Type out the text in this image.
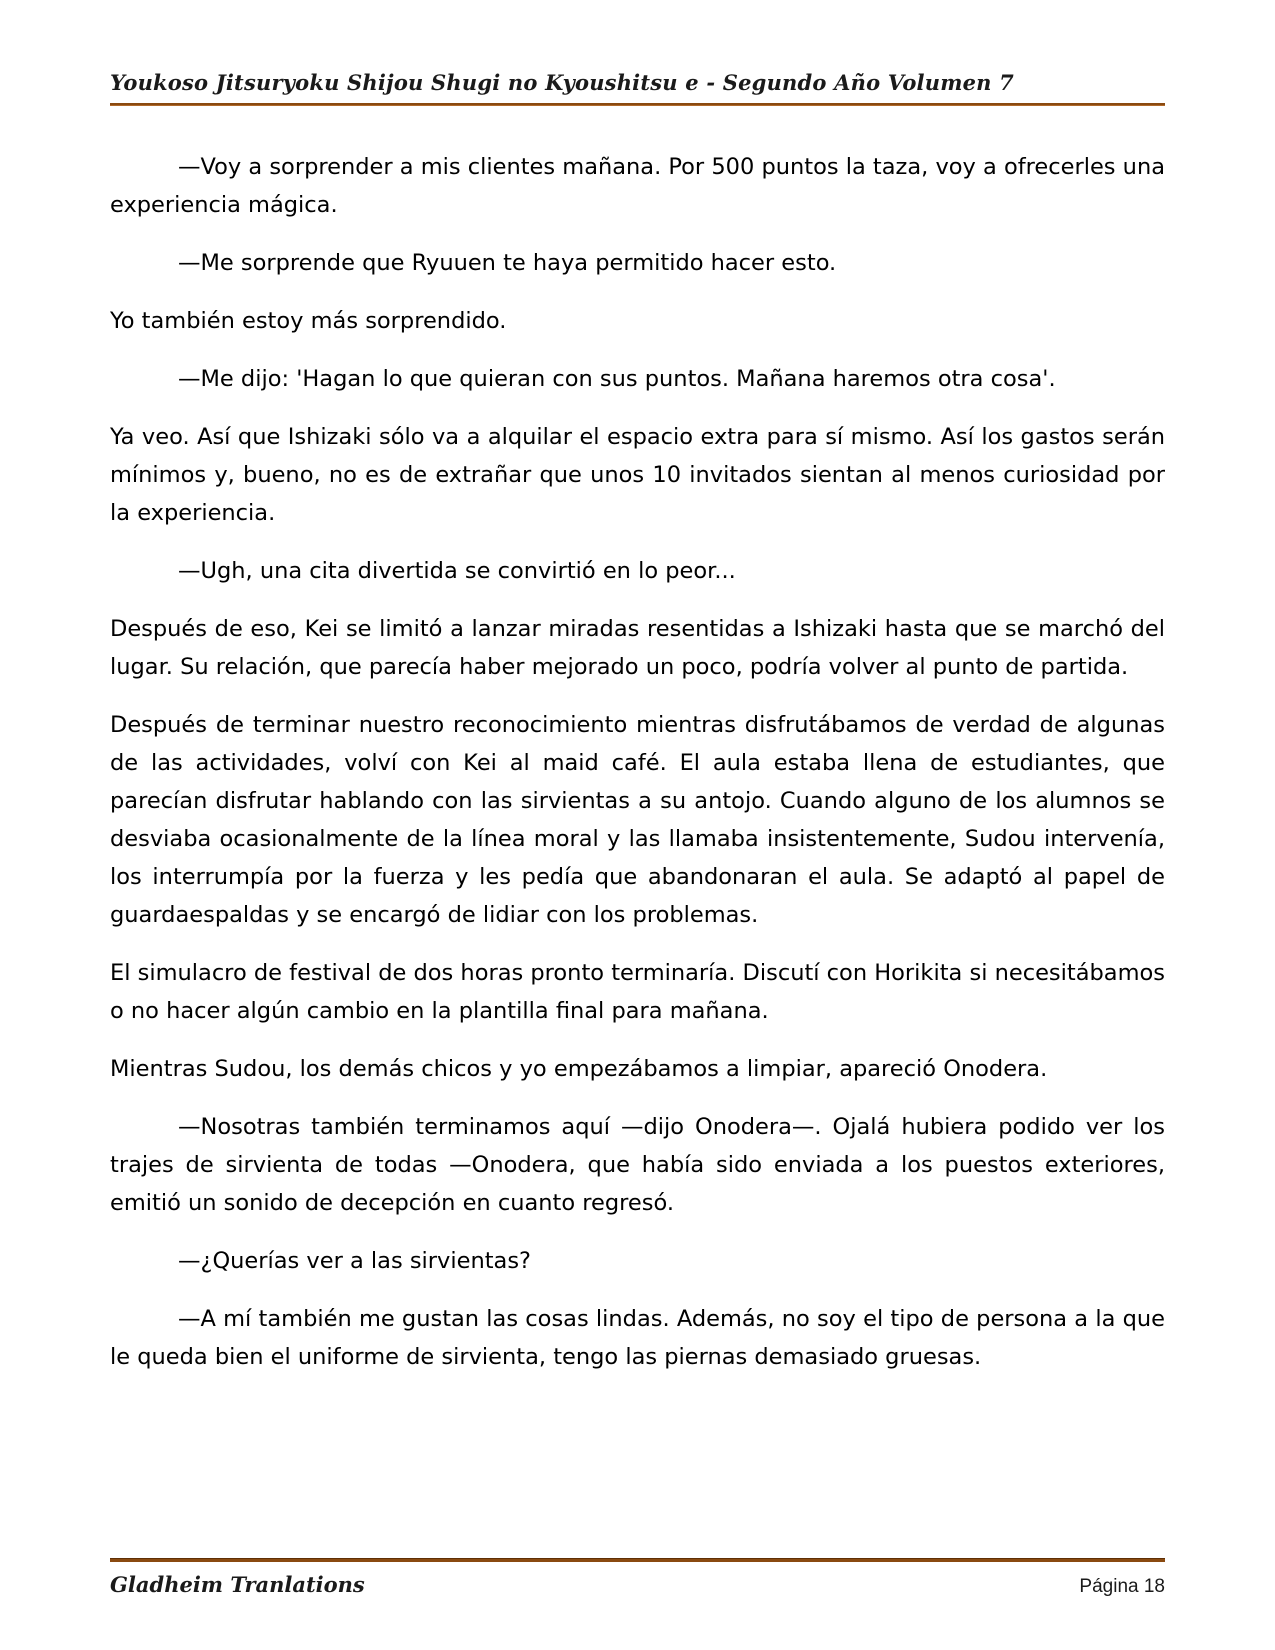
Youkoso Jitsuryoku Shijou Shugi no Kyoushitsu e - Segundo Año Volumen 7

—Voy a sorprender a mis clientes mañana. Por 500 puntos la taza, voy a ofrecerles una experiencia mágica.

—Me sorprende que Ryuuen te haya permitido hacer esto.

Yo también estoy más sorprendido.

—Me dijo: 'Hagan lo que quieran con sus puntos. Mañana haremos otra cosa'.

Ya veo. Así que Ishizaki sólo va a alquilar el espacio extra para sí mismo. Así los gastos serán mínimos y, bueno, no es de extrañar que unos 10 invitados sientan al menos curiosidad por la experiencia.

—Ugh, una cita divertida se convirtió en lo peor...

Después de eso, Kei se limitó a lanzar miradas resentidas a Ishizaki hasta que se marchó del lugar. Su relación, que parecía haber mejorado un poco, podría volver al punto de partida.

Después de terminar nuestro reconocimiento mientras disfrutábamos de verdad de algunas de las actividades, volví con Kei al maid café. El aula estaba llena de estudiantes, que parecían disfrutar hablando con las sirvientas a su antojo. Cuando alguno de los alumnos se desviaba ocasionalmente de la línea moral y las llamaba insistentemente, Sudou intervenía, los interrumpía por la fuerza y les pedía que abandonaran el aula. Se adaptó al papel de guardaespaldas y se encargó de lidiar con los problemas.

El simulacro de festival de dos horas pronto terminaría. Discutí con Horikita si necesitábamos o no hacer algún cambio en la plantilla final para mañana.

Mientras Sudou, los demás chicos y yo empezábamos a limpiar, apareció Onodera.

—Nosotras también terminamos aquí —dijo Onodera—. Ojalá hubiera podido ver los trajes de sirvienta de todas —Onodera, que había sido enviada a los puestos exteriores, emitió un sonido de decepción en cuanto regresó.

—¿Querías ver a las sirvientas?

—A mí también me gustan las cosas lindas. Además, no soy el tipo de persona a la que le queda bien el uniforme de sirvienta, tengo las piernas demasiado gruesas.

Gladheim Tranlations	Página 18
